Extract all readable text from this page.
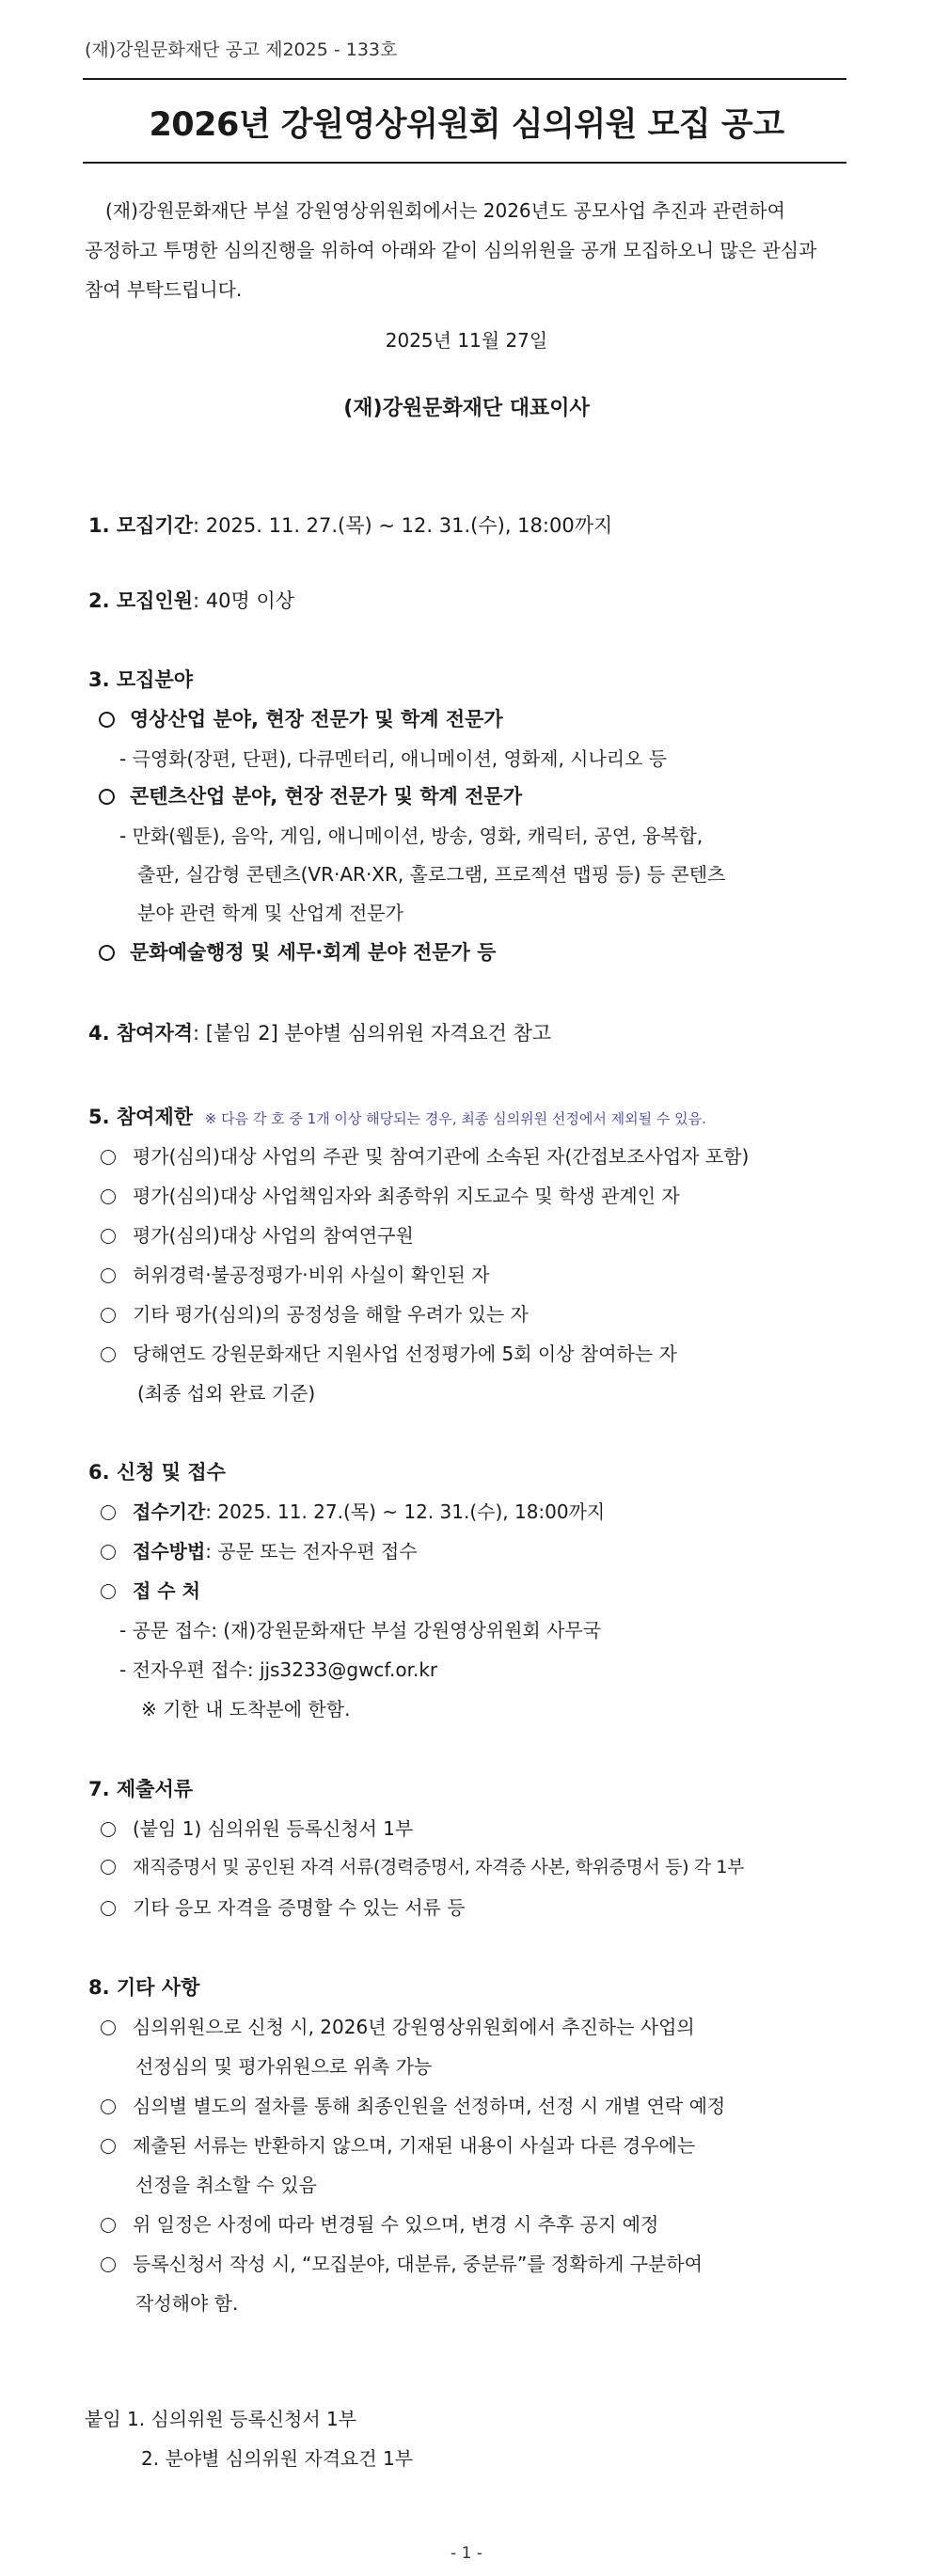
(재)강원문화재단 공고 제2025 - 133호
2026년 강원영상위원회 심의위원 모집 공고
(재)강원문화재단 부설 강원영상위원회에서는 2026년도 공모사업 추진과 관련하여 공정하고 투명한 심의진행을 위하여 아래와 같이 심의위원을 공개 모집하오니 많은 관심과 참여 부탁드립니다.
2025년 11월 27일
(재)강원문화재단 대표이사
1. 모집기간: 2025. 11. 27.(목) ~ 12. 31.(수), 18:00까지
2. 모집인원: 40명 이상
3. 모집분야
영상산업 분야, 현장 전문가 및 학계 전문가
- 극영화(장편, 단편), 다큐멘터리, 애니메이션, 영화제, 시나리오 등
콘텐츠산업 분야, 현장 전문가 및 학계 전문가
- 만화(웹툰), 음악, 게임, 애니메이션, 방송, 영화, 캐릭터, 공연, 융복합,
출판, 실감형 콘텐츠(VR·AR·XR, 홀로그램, 프로젝션 맵핑 등) 등 콘텐츠
분야 관련 학계 및 산업계 전문가
문화예술행정 및 세무·회계 분야 전문가 등
4. 참여자격: [붙임 2] 분야별 심의위원 자격요건 참고
5. 참여제한 ※ 다음 각 호 중 1개 이상 해당되는 경우, 최종 심의위원 선정에서 제외될 수 있음.
평가(심의)대상 사업의 주관 및 참여기관에 소속된 자(간접보조사업자 포함)
평가(심의)대상 사업책임자와 최종학위 지도교수 및 학생 관계인 자
평가(심의)대상 사업의 참여연구원
허위경력·불공정평가·비위 사실이 확인된 자
기타 평가(심의)의 공정성을 해할 우려가 있는 자
당해연도 강원문화재단 지원사업 선정평가에 5회 이상 참여하는 자
(최종 섭외 완료 기준)
6. 신청 및 접수
접수기간: 2025. 11. 27.(목) ~ 12. 31.(수), 18:00까지
접수방법: 공문 또는 전자우편 접수
접 수 처
- 공문 접수: (재)강원문화재단 부설 강원영상위원회 사무국
- 전자우편 접수: jjs3233@gwcf.or.kr
※ 기한 내 도착분에 한함.
7. 제출서류
(붙임 1) 심의위원 등록신청서 1부
재직증명서 및 공인된 자격 서류(경력증명서, 자격증 사본, 학위증명서 등) 각 1부
기타 응모 자격을 증명할 수 있는 서류 등
8. 기타 사항
심의위원으로 신청 시, 2026년 강원영상위원회에서 추진하는 사업의
선정심의 및 평가위원으로 위촉 가능
심의별 별도의 절차를 통해 최종인원을 선정하며, 선정 시 개별 연락 예정
제출된 서류는 반환하지 않으며, 기재된 내용이 사실과 다른 경우에는
선정을 취소할 수 있음
위 일정은 사정에 따라 변경될 수 있으며, 변경 시 추후 공지 예정
등록신청서 작성 시, “모집분야, 대분류, 중분류”를 정확하게 구분하여
작성해야 함.
붙임 1. 심의위원 등록신청서 1부
2. 분야별 심의위원 자격요건 1부
- 1 -
